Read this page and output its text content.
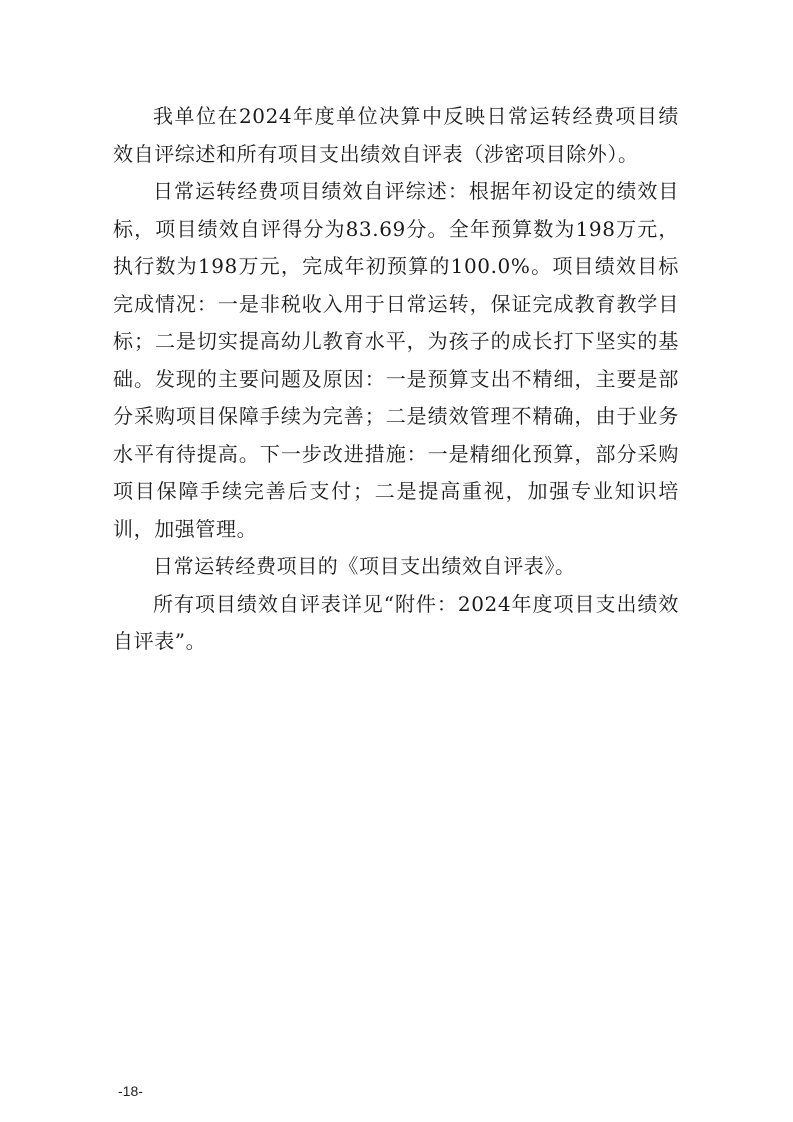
我单位在2024年度单位决算中反映日常运转经费项目绩效自评综述和所有项目支出绩效自评表（涉密项目除外）。

日常运转经费项目绩效自评综述：根据年初设定的绩效目标，项目绩效自评得分为83.69分。全年预算数为198万元，执行数为198万元，完成年初预算的100.0%。项目绩效目标完成情况：一是非税收入用于日常运转，保证完成教育教学目标；二是切实提高幼儿教育水平，为孩子的成长打下坚实的基础。发现的主要问题及原因：一是预算支出不精细，主要是部分采购项目保障手续为完善；二是绩效管理不精确，由于业务水平有待提高。下一步改进措施：一是精细化预算，部分采购项目保障手续完善后支付；二是提高重视，加强专业知识培训，加强管理。

日常运转经费项目的《项目支出绩效自评表》。

所有项目绩效自评表详见“附件：2024年度项目支出绩效自评表”。

-18-
